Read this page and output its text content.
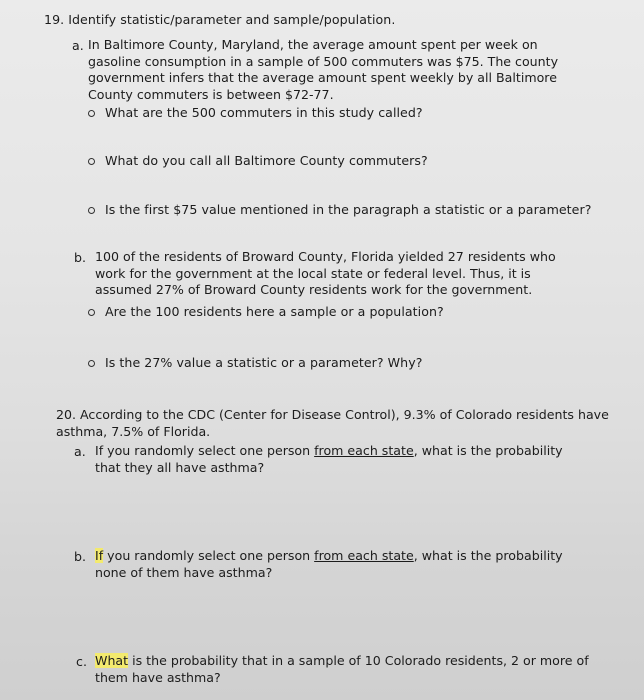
19. Identify statistic/parameter and sample/population.
a. In Baltimore County, Maryland, the average amount spent per week on gasoline consumption in a sample of 500 commuters was $75. The county government infers that the average amount spent weekly by all Baltimore County commuters is between $72-77.
What are the 500 commuters in this study called?
What do you call all Baltimore County commuters?
Is the first $75 value mentioned in the paragraph a statistic or a parameter?
b. 100 of the residents of Broward County, Florida yielded 27 residents who work for the government at the local state or federal level. Thus, it is assumed 27% of Broward County residents work for the government.
Are the 100 residents here a sample or a population?
Is the 27% value a statistic or a parameter? Why?
20. According to the CDC (Center for Disease Control), 9.3% of Colorado residents have asthma, 7.5% of Florida.
a. If you randomly select one person from each state, what is the probability that they all have asthma?
b. If you randomly select one person from each state, what is the probability none of them have asthma?
c. What is the probability that in a sample of 10 Colorado residents, 2 or more of them have asthma?
